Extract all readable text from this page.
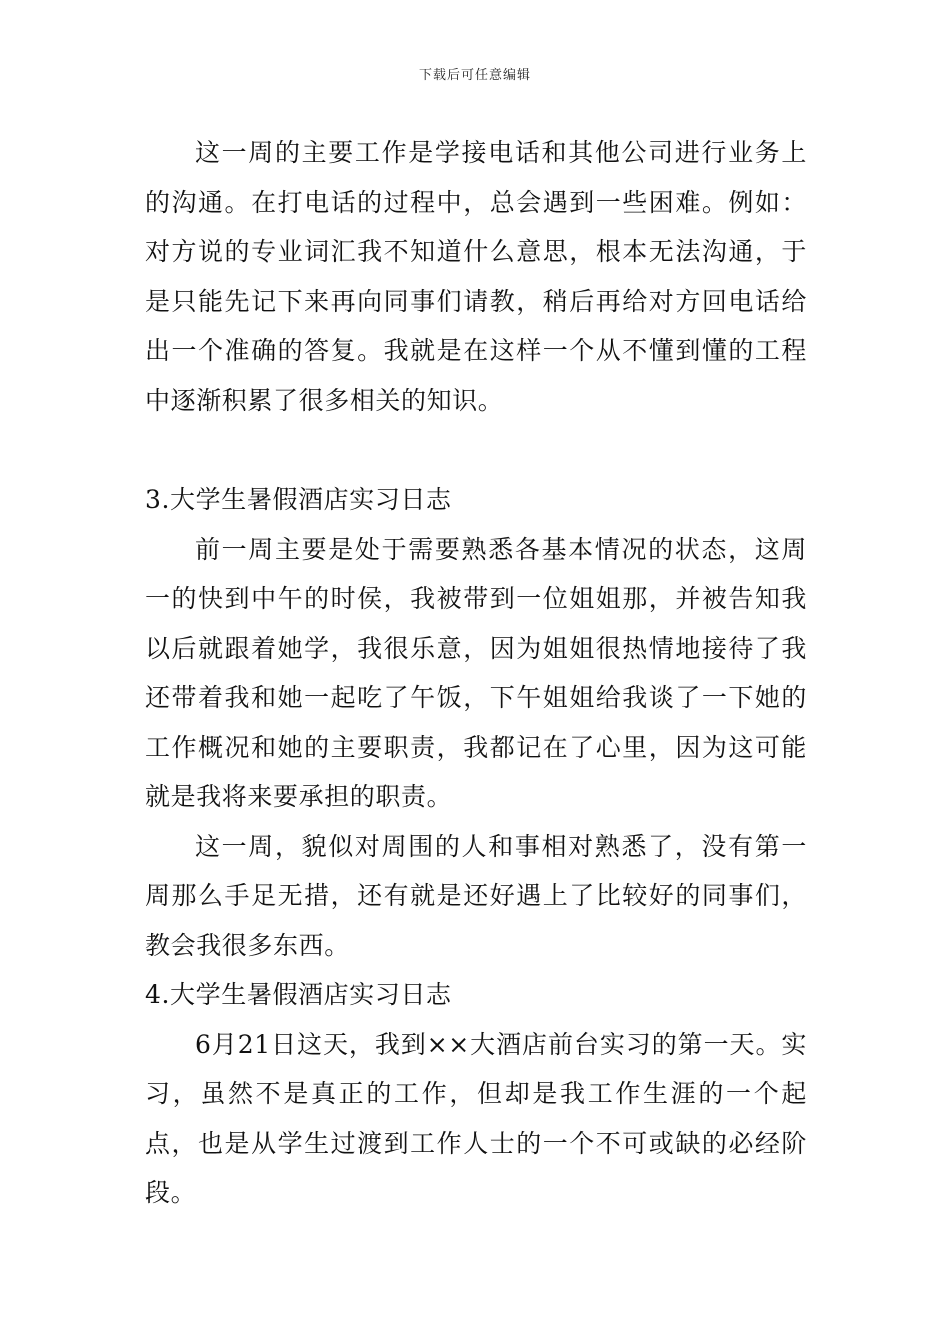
下载后可任意编辑

这一周的主要工作是学接电话和其他公司进行业务上的沟通。在打电话的过程中，总会遇到一些困难。例如：对方说的专业词汇我不知道什么意思，根本无法沟通，于是只能先记下来再向同事们请教，稍后再给对方回电话给出一个准确的答复。我就是在这样一个从不懂到懂的工程中逐渐积累了很多相关的知识。

3.大学生暑假酒店实习日志

前一周主要是处于需要熟悉各基本情况的状态，这周一的快到中午的时侯，我被带到一位姐姐那，并被告知我以后就跟着她学，我很乐意，因为姐姐很热情地接待了我还带着我和她一起吃了午饭，下午姐姐给我谈了一下她的工作概况和她的主要职责，我都记在了心里，因为这可能就是我将来要承担的职责。

这一周，貌似对周围的人和事相对熟悉了，没有第一周那么手足无措，还有就是还好遇上了比较好的同事们，教会我很多东西。

4.大学生暑假酒店实习日志

6月21日这天，我到××大酒店前台实习的第一天。实习，虽然不是真正的工作，但却是我工作生涯的一个起点，也是从学生过渡到工作人士的一个不可或缺的必经阶段。
